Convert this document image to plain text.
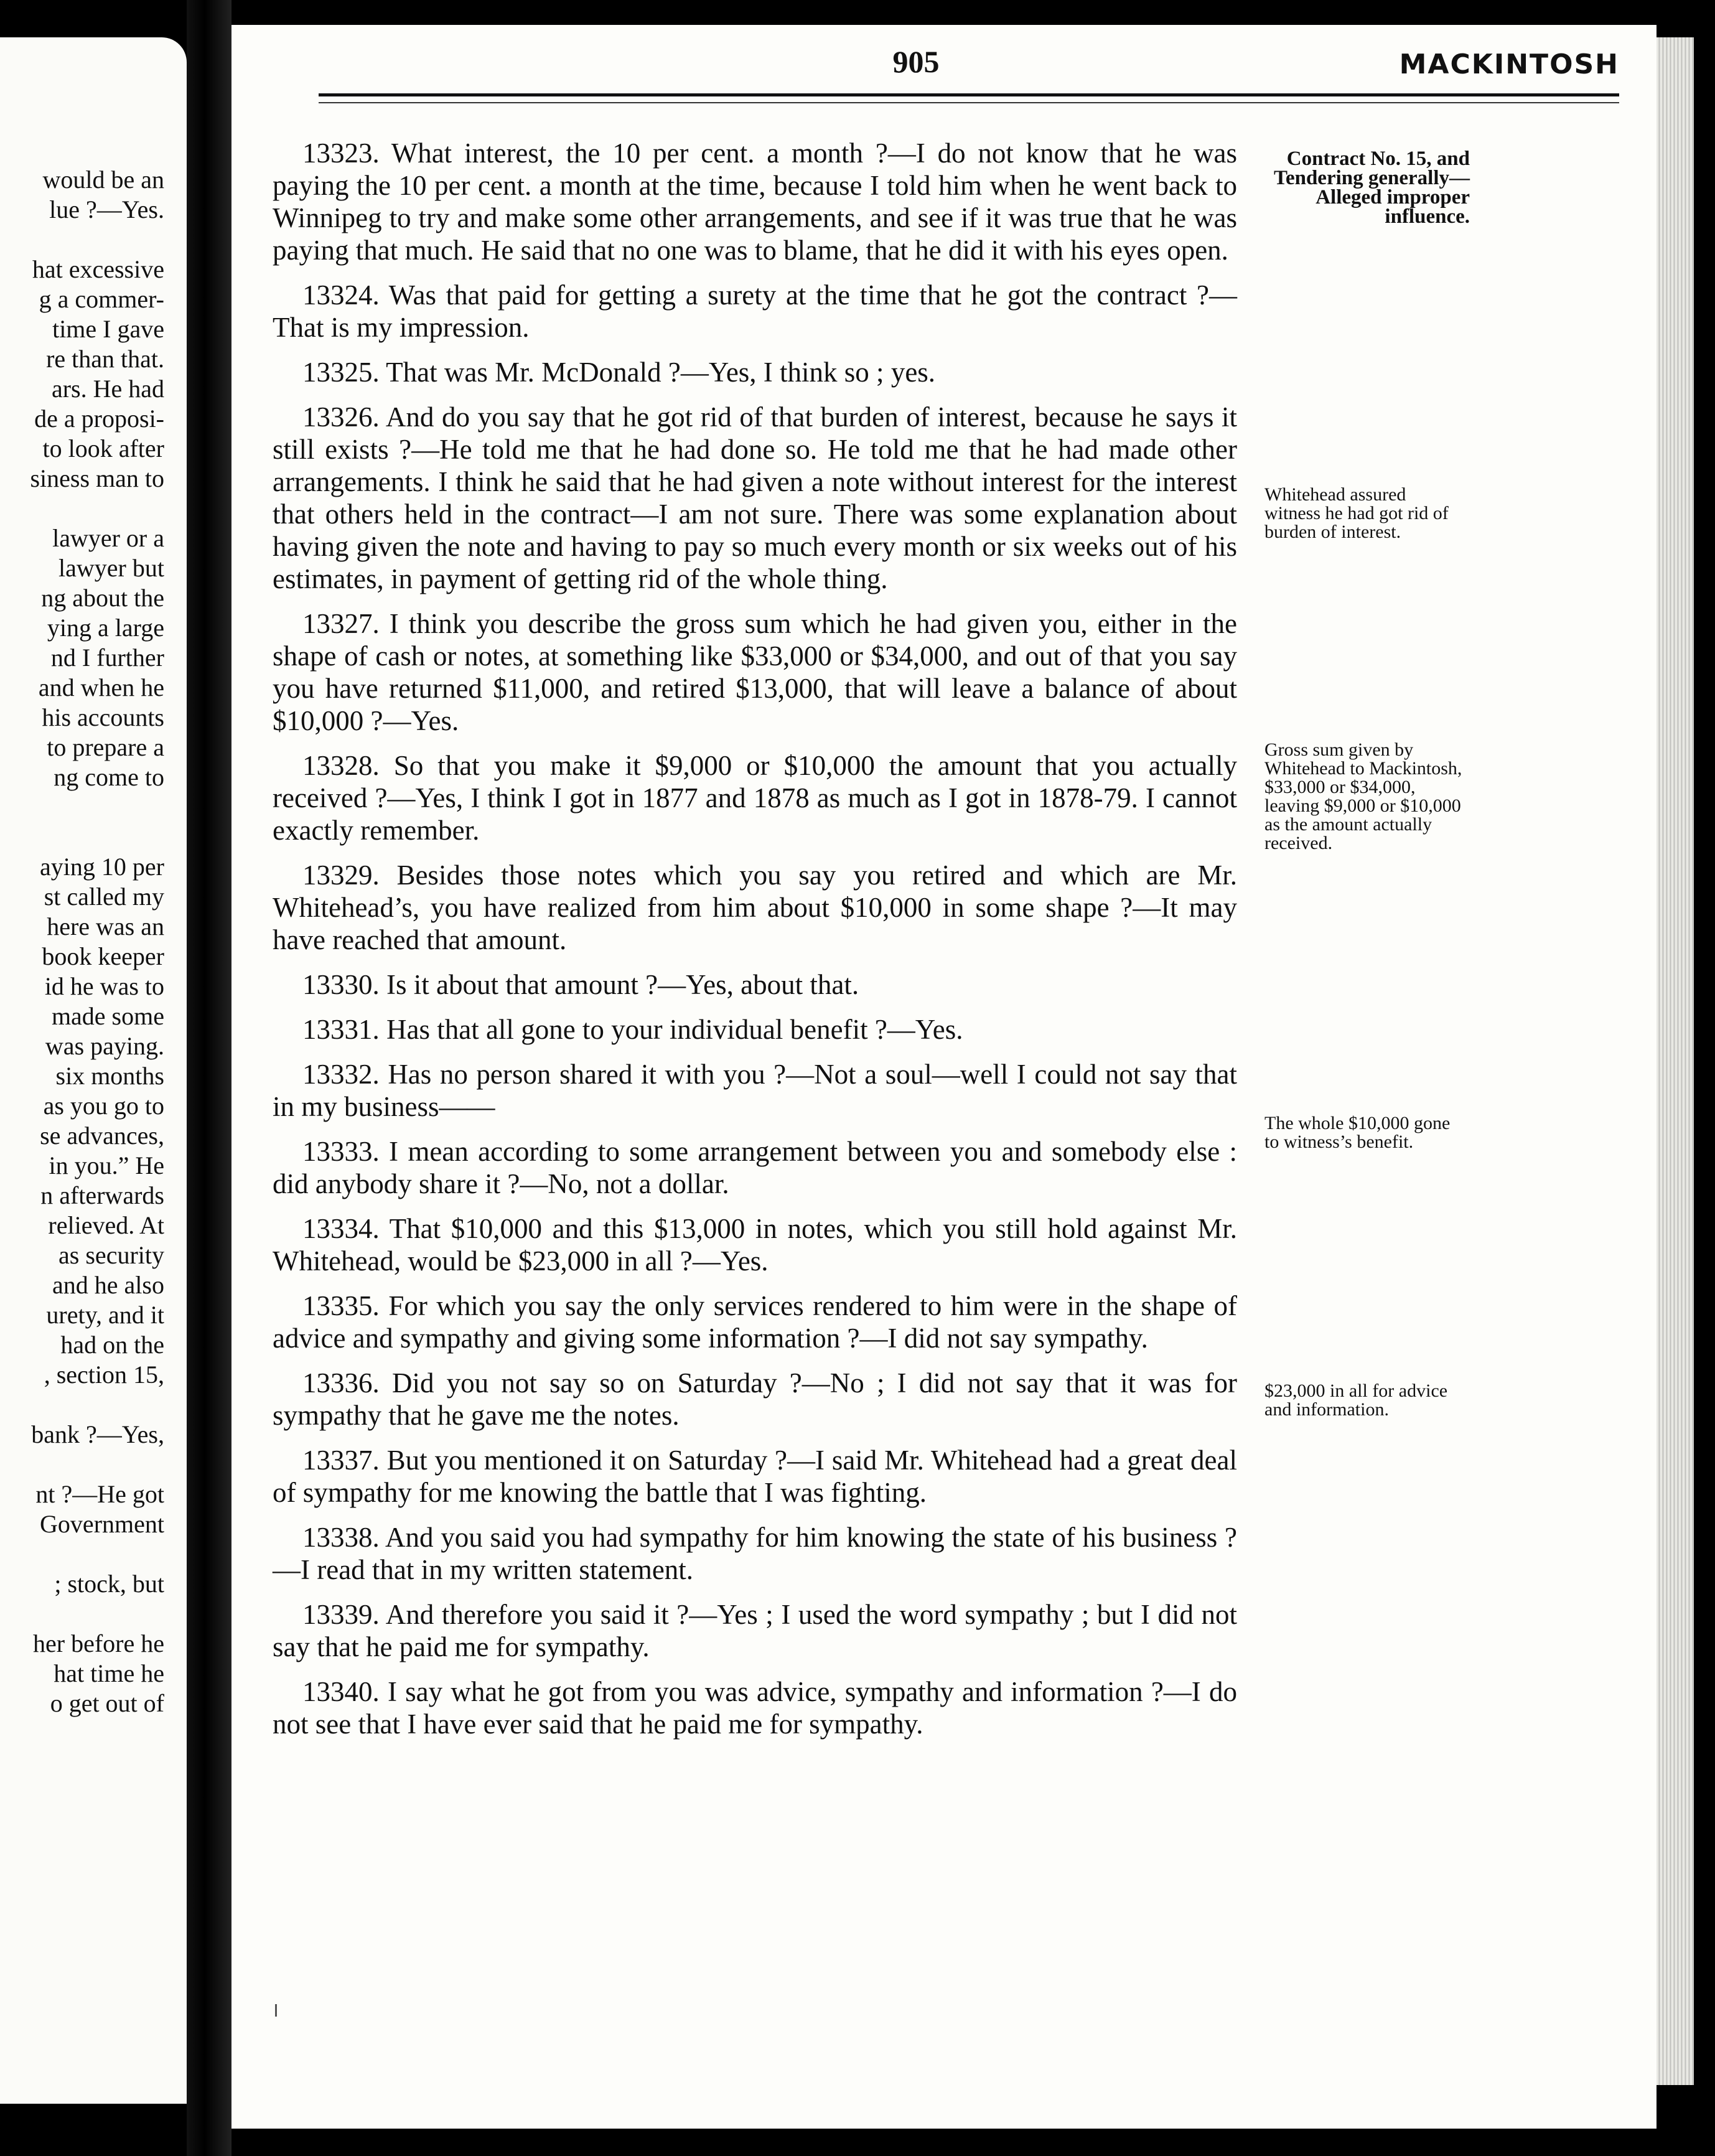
would be an
lue ?—Yes.
hat excessive
g a commer-
time I gave
re than that.
ars. He had
de a proposi-
to look after
siness man to
lawyer or a
lawyer but
ng about the
ying a large
nd I further
and when he
his accounts
to prepare a
ng come to
aying 10 per
st called my
here was an
book keeper
id he was to
made some
was paying.
six months
as you go to
se advances,
in you.” He
n afterwards
relieved. At
as security
and he also
urety, and it
had on the
, section 15,
bank ?—Yes,
nt ?—He got
Government
; stock, but
her before he
hat time he
o get out of
905	MACKINTOSH

13323. What interest, the 10 per cent. a month ?—I do not know that he was paying the 10 per cent. a month at the time, because I told him when he went back to Winnipeg to try and make some other arrangements, and see if it was true that he was paying that much. He said that no one was to blame, that he did it with his eyes open.

13324. Was that paid for getting a surety at the time that he got the contract ?—That is my impression.

13325. That was Mr. McDonald ?—Yes, I think so ; yes.

13326. And do you say that he got rid of that burden of interest, because he says it still exists ?—He told me that he had done so. He told me that he had made other arrangements. I think he said that he had given a note without interest for the interest that others held in the contract—I am not sure. There was some explanation about having given the note and having to pay so much every month or six weeks out of his estimates, in payment of getting rid of the whole thing.

13327. I think you describe the gross sum which he had given you, either in the shape of cash or notes, at something like $33,000 or $34,000, and out of that you say you have returned $11,000, and retired $13,000, that will leave a balance of about $10,000 ?—Yes.

13328. So that you make it $9,000 or $10,000 the amount that you actually received ?—Yes, I think I got in 1877 and 1878 as much as I got in 1878-79. I cannot exactly remember.

13329. Besides those notes which you say you retired and which are Mr. Whitehead’s, you have realized from him about $10,000 in some shape ?—It may have reached that amount.

13330. Is it about that amount ?—Yes, about that.

13331. Has that all gone to your individual benefit ?—Yes.

13332. Has no person shared it with you ?—Not a soul—well I could not say that in my business——

13333. I mean according to some arrangement between you and somebody else : did anybody share it ?—No, not a dollar.

13334. That $10,000 and this $13,000 in notes, which you still hold against Mr. Whitehead, would be $23,000 in all ?—Yes.

13335. For which you say the only services rendered to him were in the shape of advice and sympathy and giving some information ?—I did not say sympathy.

13336. Did you not say so on Saturday ?—No ; I did not say that it was for sympathy that he gave me the notes.

13337. But you mentioned it on Saturday ?—I said Mr. Whitehead had a great deal of sympathy for me knowing the battle that I was fighting.

13338. And you said you had sympathy for him knowing the state of his business ?—I read that in my written statement.

13339. And therefore you said it ?—Yes ; I used the word sympathy ; but I did not say that he paid me for sympathy.

13340. I say what he got from you was advice, sympathy and information ?—I do not see that I have ever said that he paid me for sympathy.

Contract No. 15, and Tendering generally— Alleged improper influence.
Whitehead assured witness he had got rid of burden of interest.
Gross sum given by Whitehead to Mackintosh, $33,000 or $34,000, leaving $9,000 or $10,000 as the amount actually received.
The whole $10,000 gone to witness’s benefit.
$23,000 in all for advice and information.
